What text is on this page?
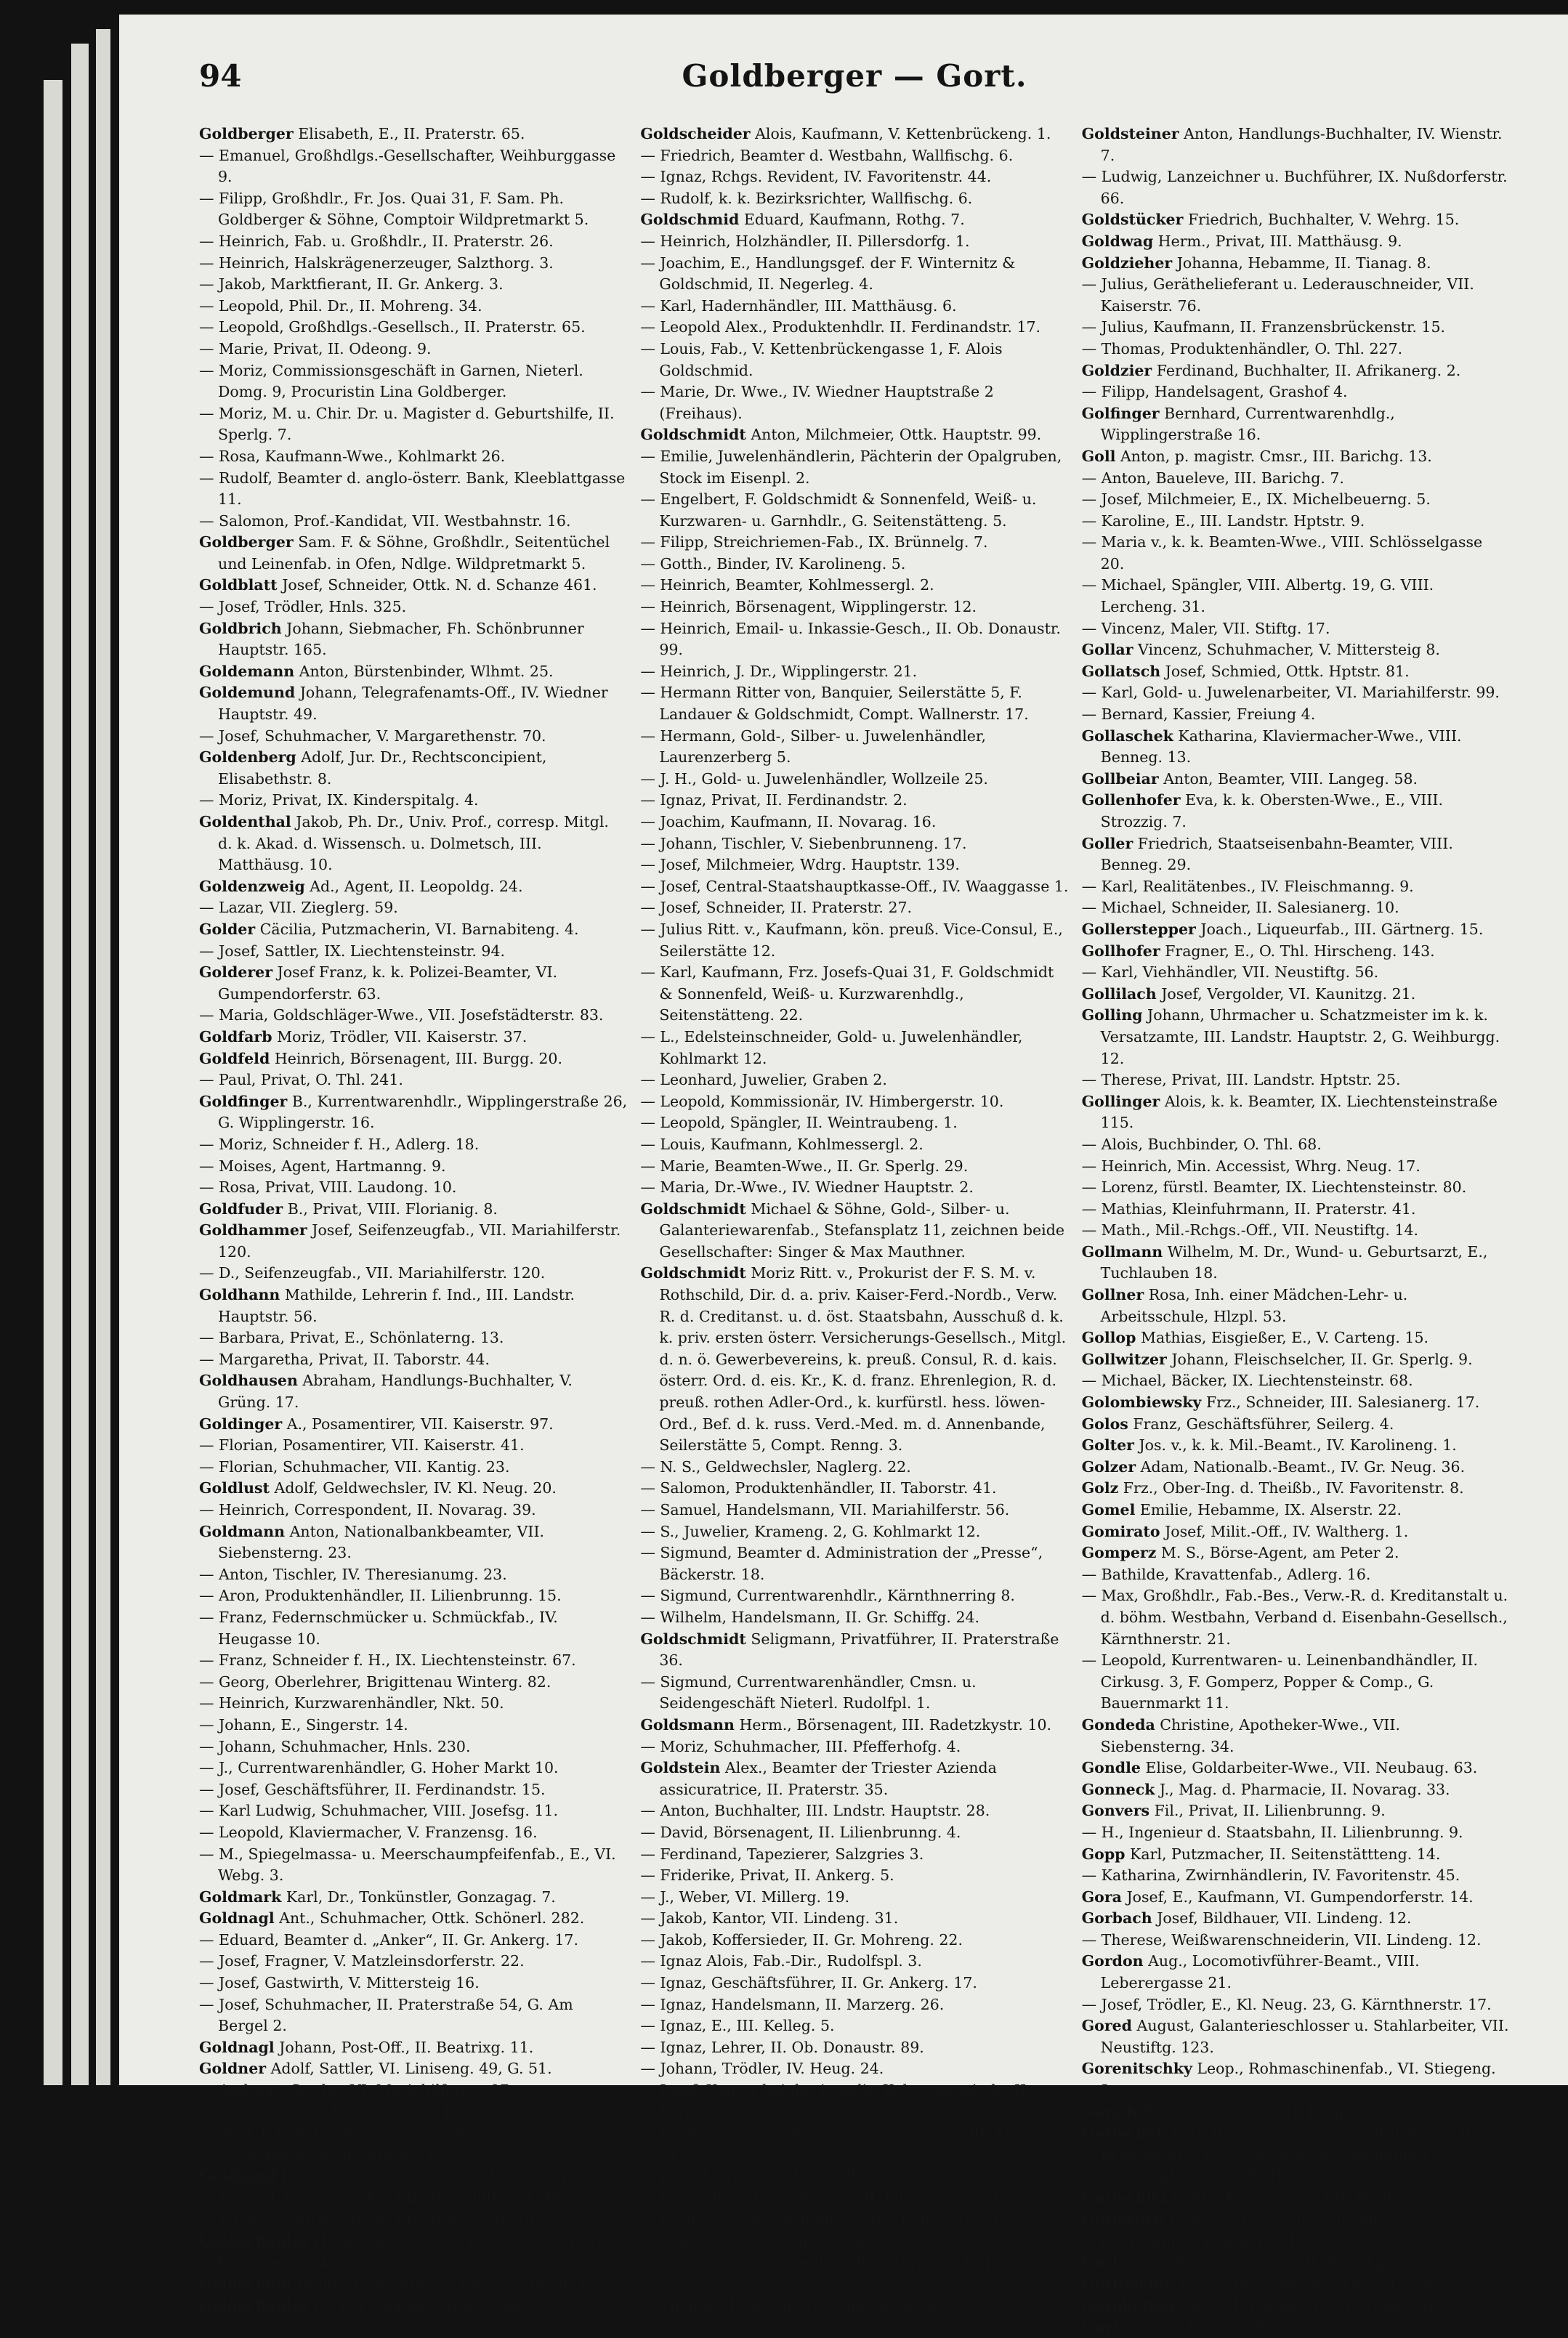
Goldberger — Gort.
94
Goldberger Elisabeth, E., II. Praterstr. 65.
— Emanuel, Großhdlgs.-Gesellschafter, Weihburggasse 9.
— Filipp, Großhdlr., Fr. Jos. Quai 31, F. Sam. Ph. Goldberger & Söhne, Comptoir Wildpretmarkt 5.
— Heinrich, Fab. u. Großhdlr., II. Praterstr. 26.
— Heinrich, Halskrägenerzeuger, Salzthorg. 3.
— Jakob, Marktfierant, II. Gr. Ankerg. 3.
— Leopold, Phil. Dr., II. Mohreng. 34.
— Leopold, Großhdlgs.-Gesellsch., II. Praterstr. 65.
— Marie, Privat, II. Odeong. 9.
— Moriz, Commissionsgeschäft in Garnen, Nieterl. Domg. 9, Procuristin Lina Goldberger.
— Moriz, M. u. Chir. Dr. u. Magister d. Geburtshilfe, II. Sperlg. 7.
— Rosa, Kaufmann-Wwe., Kohlmarkt 26.
— Rudolf, Beamter d. anglo-österr. Bank, Kleeblattgasse 11.
— Salomon, Prof.-Kandidat, VII. Westbahnstr. 16.
Goldberger Sam. F. & Söhne, Großhdlr., Seitentüchel und Leinenfab. in Ofen, Ndlge. Wildpretmarkt 5.
Goldblatt Josef, Schneider, Ottk. N. d. Schanze 461.
— Josef, Trödler, Hnls. 325.
Goldbrich Johann, Siebmacher, Fh. Schönbrunner Hauptstr. 165.
Goldemann Anton, Bürstenbinder, Wlhmt. 25.
Goldemund Johann, Telegrafenamts-Off., IV. Wiedner Hauptstr. 49.
— Josef, Schuhmacher, V. Margarethenstr. 70.
Goldenberg Adolf, Jur. Dr., Rechtsconcipient, Elisabethstr. 8.
— Moriz, Privat, IX. Kinderspitalg. 4.
Goldenthal Jakob, Ph. Dr., Univ. Prof., corresp. Mitgl. d. k. Akad. d. Wissensch. u. Dolmetsch, III. Matthäusg. 10.
Goldenzweig Ad., Agent, II. Leopoldg. 24.
— Lazar, VII. Zieglerg. 59.
Golder Cäcilia, Putzmacherin, VI. Barnabiteng. 4.
— Josef, Sattler, IX. Liechtensteinstr. 94.
Golderer Josef Franz, k. k. Polizei-Beamter, VI. Gumpendorferstr. 63.
— Maria, Goldschläger-Wwe., VII. Josefstädterstr. 83.
Goldfarb Moriz, Trödler, VII. Kaiserstr. 37.
Goldfeld Heinrich, Börsenagent, III. Burgg. 20.
— Paul, Privat, O. Thl. 241.
Goldfinger B., Kurrentwarenhdlr., Wipplingerstraße 26, G. Wipplingerstr. 16.
— Moriz, Schneider f. H., Adlerg. 18.
— Moises, Agent, Hartmanng. 9.
— Rosa, Privat, VIII. Laudong. 10.
Goldfuder B., Privat, VIII. Florianig. 8.
Goldhammer Josef, Seifenzeugfab., VII. Mariahilferstr. 120.
— D., Seifenzeugfab., VII. Mariahilferstr. 120.
Goldhann Mathilde, Lehrerin f. Ind., III. Landstr. Hauptstr. 56.
— Barbara, Privat, E., Schönlaterng. 13.
— Margaretha, Privat, II. Taborstr. 44.
Goldhausen Abraham, Handlungs-Buchhalter, V. Grüng. 17.
Goldinger A., Posamentirer, VII. Kaiserstr. 97.
— Florian, Posamentirer, VII. Kaiserstr. 41.
— Florian, Schuhmacher, VII. Kantig. 23.
Goldlust Adolf, Geldwechsler, IV. Kl. Neug. 20.
— Heinrich, Correspondent, II. Novarag. 39.
Goldmann Anton, Nationalbankbeamter, VII. Siebensterng. 23.
— Anton, Tischler, IV. Theresianumg. 23.
— Aron, Produktenhändler, II. Lilienbrunng. 15.
— Franz, Federnschmücker u. Schmückfab., IV. Heugasse 10.
— Franz, Schneider f. H., IX. Liechtensteinstr. 67.
— Georg, Oberlehrer, Brigittenau Winterg. 82.
— Heinrich, Kurzwarenhändler, Nkt. 50.
— Johann, E., Singerstr. 14.
— Johann, Schuhmacher, Hnls. 230.
— J., Currentwarenhändler, G. Hoher Markt 10.
— Josef, Geschäftsführer, II. Ferdinandstr. 15.
— Karl Ludwig, Schuhmacher, VIII. Josefsg. 11.
— Leopold, Klaviermacher, V. Franzensg. 16.
— M., Spiegelmassa- u. Meerschaumpfeifenfab., E., VI. Webg. 3.
Goldmark Karl, Dr., Tonkünstler, Gonzagag. 7.
Goldnagl Ant., Schuhmacher, Ottk. Schönerl. 282.
— Eduard, Beamter d. „Anker“, II. Gr. Ankerg. 17.
— Josef, Fragner, V. Matzleinsdorferstr. 22.
— Josef, Gastwirth, V. Mittersteig 16.
— Josef, Schuhmacher, II. Praterstraße 54, G. Am Bergel 2.
Goldnagl Johann, Post-Off., II. Beatrixg. 11.
Goldner Adolf, Sattler, VI. Liniseng. 49, G. 51.
— Andreas, Sattler, VI. Mariahilferstr. 97.
— Ignaz, Secr. d. Handelsakad., Inh. d. f. b. bair. Ehren-Med. f. Kunst u. Wissensch., Zeltgasse 5.
— Josef, Börse-Agent, Sterng. 6.
Goldsand Jakob, Geschäftsführer, IX. Lazarethg. 37.
— Samuel, Geldwechsler, VII. Mariahilferstr. 46.
— Wilhelm, Börsenagent, VII. Mohrenstr. 10.
Goldschaider Hermann, Beichte-Cleves, Oststahr, IV. Favoritenstr. 44.
Goldscheid Heinr., Expeditor, IX. Dietrichsteing. 10.
Goldscheider D., Börsenagent, Wallfischg.
Goldscheider Alois, Kaufmann, V. Kettenbrückeng. 1.
— Friedrich, Beamter d. Westbahn, Wallfischg. 6.
— Ignaz, Rchgs. Revident, IV. Favoritenstr. 44.
— Rudolf, k. k. Bezirksrichter, Wallfischg. 6.
Goldschmid Eduard, Kaufmann, Rothg. 7.
— Heinrich, Holzhändler, II. Pillersdorfg. 1.
— Joachim, E., Handlungsgef. der F. Winternitz & Goldschmid, II. Negerleg. 4.
— Karl, Hadernhändler, III. Matthäusg. 6.
— Leopold Alex., Produktenhdlr. II. Ferdinandstr. 17.
— Louis, Fab., V. Kettenbrückengasse 1, F. Alois Goldschmid.
— Marie, Dr. Wwe., IV. Wiedner Hauptstraße 2 (Freihaus).
Goldschmidt Anton, Milchmeier, Ottk. Hauptstr. 99.
— Emilie, Juwelenhändlerin, Pächterin der Opalgruben, Stock im Eisenpl. 2.
— Engelbert, F. Goldschmidt & Sonnenfeld, Weiß- u. Kurzwaren- u. Garnhdlr., G. Seitenstätteng. 5.
— Filipp, Streichriemen-Fab., IX. Brünnelg. 7.
— Gotth., Binder, IV. Karolineng. 5.
— Heinrich, Beamter, Kohlmessergl. 2.
— Heinrich, Börsenagent, Wipplingerstr. 12.
— Heinrich, Email- u. Inkassie-Gesch., II. Ob. Donaustr. 99.
— Heinrich, J. Dr., Wipplingerstr. 21.
— Hermann Ritter von, Banquier, Seilerstätte 5, F. Landauer & Goldschmidt, Compt. Wallnerstr. 17.
— Hermann, Gold-, Silber- u. Juwelenhändler, Laurenzerberg 5.
— J. H., Gold- u. Juwelenhändler, Wollzeile 25.
— Ignaz, Privat, II. Ferdinandstr. 2.
— Joachim, Kaufmann, II. Novarag. 16.
— Johann, Tischler, V. Siebenbrunneng. 17.
— Josef, Milchmeier, Wdrg. Hauptstr. 139.
— Josef, Central-Staatshauptkasse-Off., IV. Waaggasse 1.
— Josef, Schneider, II. Praterstr. 27.
— Julius Ritt. v., Kaufmann, kön. preuß. Vice-Consul, E., Seilerstätte 12.
— Karl, Kaufmann, Frz. Josefs-Quai 31, F. Goldschmidt & Sonnenfeld, Weiß- u. Kurzwarenhdlg., Seitenstätteng. 22.
— L., Edelsteinschneider, Gold- u. Juwelenhändler, Kohlmarkt 12.
— Leonhard, Juwelier, Graben 2.
— Leopold, Kommissionär, IV. Himbergerstr. 10.
— Leopold, Spängler, II. Weintraubeng. 1.
— Louis, Kaufmann, Kohlmessergl. 2.
— Marie, Beamten-Wwe., II. Gr. Sperlg. 29.
— Maria, Dr.-Wwe., IV. Wiedner Hauptstr. 2.
Goldschmidt Michael & Söhne, Gold-, Silber- u. Galanteriewarenfab., Stefansplatz 11, zeichnen beide Gesellschafter: Singer & Max Mauthner.
Goldschmidt Moriz Ritt. v., Prokurist der F. S. M. v. Rothschild, Dir. d. a. priv. Kaiser-Ferd.-Nordb., Verw. R. d. Creditanst. u. d. öst. Staatsbahn, Ausschuß d. k. k. priv. ersten österr. Versicherungs-Gesellsch., Mitgl. d. n. ö. Gewerbevereins, k. preuß. Consul, R. d. kais. österr. Ord. d. eis. Kr., K. d. franz. Ehrenlegion, R. d. preuß. rothen Adler-Ord., k. kurfürstl. hess. löwen-Ord., Bef. d. k. russ. Verd.-Med. m. d. Annenbande, Seilerstätte 5, Compt. Renng. 3.
— N. S., Geldwechsler, Naglerg. 22.
— Salomon, Produktenhändler, II. Taborstr. 41.
— Samuel, Handelsmann, VII. Mariahilferstr. 56.
— S., Juwelier, Krameng. 2, G. Kohlmarkt 12.
— Sigmund, Beamter d. Administration der „Presse“, Bäckerstr. 18.
— Sigmund, Currentwarenhdlr., Kärnthnerring 8.
— Wilhelm, Handelsmann, II. Gr. Schiffg. 24.
Goldschmidt Seligmann, Privatführer, II. Praterstraße 36.
— Sigmund, Currentwarenhändler, Cmsn. u. Seidengeschäft Nieterl. Rudolfpl. 1.
Goldsmann Herm., Börsenagent, III. Radetzkystr. 10.
— Moriz, Schuhmacher, III. Pfefferhofg. 4.
Goldstein Alex., Beamter der Triester Azienda assicuratrice, II. Praterstr. 35.
— Anton, Buchhalter, III. Lndstr. Hauptstr. 28.
— David, Börsenagent, II. Lilienbrunng. 4.
— Ferdinand, Tapezierer, Salzgries 3.
— Friderike, Privat, II. Ankerg. 5.
— J., Weber, VI. Millerg. 19.
— Jakob, Kantor, VII. Lindeng. 31.
— Jakob, Koffersieder, II. Gr. Mohreng. 22.
— Ignaz Alois, Fab.-Dir., Rudolfspl. 3.
— Ignaz, Geschäftsführer, II. Gr. Ankerg. 17.
— Ignaz, Handelsmann, II. Marzerg. 26.
— Ignaz, E., III. Kelleg. 5.
— Ignaz, Lehrer, II. Ob. Donaustr. 89.
— Johann, Trödler, IV. Heug. 24.
— Josef, Kantor bei der israelit. Kultusgemeinde, II. Ferdinandstr. 23.
— Josef, Ledergalanteriewaren-Erzeuger, VIII. Tigerg. 11.
— Julie, Uhrmacher-Wwe., II. Cirkusg. 3.
— Julius, Expedit. u. Expert., II. Lilienbrunng. 13.
— Katharina, Greißhändler-Wwe., Kohlmarkt 26.
— Leib, Trödler, Fischerstiege 5.
— Simon, Schnittwarenhändler, Sterng. 9, G. Judeng. 12.
— Thomas, Holzhdlr., II. Ndlg. Johannesg. 33.
Goldsteiner Anton, Handlungs-Buchhalter, IV. Wienstr. 7.
— Ludwig, Lanzeichner u. Buchführer, IX. Nußdorferstr. 66.
Goldstücker Friedrich, Buchhalter, V. Wehrg. 15.
Goldwag Herm., Privat, III. Matthäusg. 9.
Goldzieher Johanna, Hebamme, II. Tianag. 8.
— Julius, Geräthelieferant u. Lederauschneider, VII. Kaiserstr. 76.
— Julius, Kaufmann, II. Franzensbrückenstr. 15.
— Thomas, Produktenhändler, O. Thl. 227.
Goldzier Ferdinand, Buchhalter, II. Afrikanerg. 2.
— Filipp, Handelsagent, Grashof 4.
Golfinger Bernhard, Currentwarenhdlg., Wipplingerstraße 16.
Goll Anton, p. magistr. Cmsr., III. Barichg. 13.
— Anton, Baueleve, III. Barichg. 7.
— Josef, Milchmeier, E., IX. Michelbeuerng. 5.
— Karoline, E., III. Landstr. Hptstr. 9.
— Maria v., k. k. Beamten-Wwe., VIII. Schlösselgasse 20.
— Michael, Spängler, VIII. Albertg. 19, G. VIII. Lercheng. 31.
— Vincenz, Maler, VII. Stiftg. 17.
Gollar Vincenz, Schuhmacher, V. Mittersteig 8.
Gollatsch Josef, Schmied, Ottk. Hptstr. 81.
— Karl, Gold- u. Juwelenarbeiter, VI. Mariahilferstr. 99.
— Bernard, Kassier, Freiung 4.
Gollaschek Katharina, Klaviermacher-Wwe., VIII. Benneg. 13.
Gollbeiar Anton, Beamter, VIII. Langeg. 58.
Gollenhofer Eva, k. k. Obersten-Wwe., E., VIII. Strozzig. 7.
Goller Friedrich, Staatseisenbahn-Beamter, VIII. Benneg. 29.
— Karl, Realitätenbes., IV. Fleischmanng. 9.
— Michael, Schneider, II. Salesianerg. 10.
Gollerstepper Joach., Liqueurfab., III. Gärtnerg. 15.
Gollhofer Fragner, E., O. Thl. Hirscheng. 143.
— Karl, Viehhändler, VII. Neustiftg. 56.
Gollilach Josef, Vergolder, VI. Kaunitzg. 21.
Golling Johann, Uhrmacher u. Schatzmeister im k. k. Versatzamte, III. Landstr. Hauptstr. 2, G. Weihburgg. 12.
— Therese, Privat, III. Landstr. Hptstr. 25.
Gollinger Alois, k. k. Beamter, IX. Liechtensteinstraße 115.
— Alois, Buchbinder, O. Thl. 68.
— Heinrich, Min. Accessist, Whrg. Neug. 17.
— Lorenz, fürstl. Beamter, IX. Liechtensteinstr. 80.
— Mathias, Kleinfuhrmann, II. Praterstr. 41.
— Math., Mil.-Rchgs.-Off., VII. Neustiftg. 14.
Gollmann Wilhelm, M. Dr., Wund- u. Geburtsarzt, E., Tuchlauben 18.
Gollner Rosa, Inh. einer Mädchen-Lehr- u. Arbeitsschule, Hlzpl. 53.
Gollop Mathias, Eisgießer, E., V. Carteng. 15.
Gollwitzer Johann, Fleischselcher, II. Gr. Sperlg. 9.
— Michael, Bäcker, IX. Liechtensteinstr. 68.
Golombiewsky Frz., Schneider, III. Salesianerg. 17.
Golos Franz, Geschäftsführer, Seilerg. 4.
Golter Jos. v., k. k. Mil.-Beamt., IV. Karolineng. 1.
Golzer Adam, Nationalb.-Beamt., IV. Gr. Neug. 36.
Golz Frz., Ober-Ing. d. Theißb., IV. Favoritenstr. 8.
Gomel Emilie, Hebamme, IX. Alserstr. 22.
Gomirato Josef, Milit.-Off., IV. Waltherg. 1.
Gomperz M. S., Börse-Agent, am Peter 2.
— Bathilde, Kravattenfab., Adlerg. 16.
— Max, Großhdlr., Fab.-Bes., Verw.-R. d. Kreditanstalt u. d. böhm. Westbahn, Verband d. Eisenbahn-Gesellsch., Kärnthnerstr. 21.
— Leopold, Kurrentwaren- u. Leinenbandhändler, II. Cirkusg. 3, F. Gomperz, Popper & Comp., G. Bauernmarkt 11.
Gondeda Christine, Apotheker-Wwe., VII. Siebensterng. 34.
Gondle Elise, Goldarbeiter-Wwe., VII. Neubaug. 63.
Gonneck J., Mag. d. Pharmacie, II. Novarag. 33.
Gonvers Fil., Privat, II. Lilienbrunng. 9.
— H., Ingenieur d. Staatsbahn, II. Lilienbrunng. 9.
Gopp Karl, Putzmacher, II. Seitenstättteng. 14.
— Katharina, Zwirnhändlerin, IV. Favoritenstr. 45.
Gora Josef, E., Kaufmann, VI. Gumpendorferstr. 14.
Gorbach Josef, Bildhauer, VII. Lindeng. 12.
— Therese, Weißwarenschneiderin, VII. Lindeng. 12.
Gordon Aug., Locomotivführer-Beamt., VIII. Leberergasse 21.
— Josef, Trödler, E., Kl. Neug. 23, G. Kärnthnerstr. 17.
Gored August, Galanterieschlosser u. Stahlarbeiter, VII. Neustiftg. 123.
Gorenitschky Leop., Rohmaschinenfab., VI. Stiegeng. 2.
Gorich Peter, Schneider, VII. Burgg. 20.
Gorischek Karl, Buchdrucker u. Schriftgießer, V. II. Brauhausg. 21, Universitäts-Buchhandlung, Seisanopl. 6 (Zwettlhof).
Gorischitz Math., Putzmacher, VII. Neubaug. 72.
Gorizzutti Prof. Freih. v., Min.-Concipist im Justizminist., Bognerg. 11.
Gorl Franz, Privat-Beamter, III. Barichg. 8.
Gorlitschik Franz, Perrückenmacher, Fh. 114.
Gorobetzky Jakob, Privatier, II. Unt. Donaustr. 35.
Gort August, Tischler, E., in Grzg.
